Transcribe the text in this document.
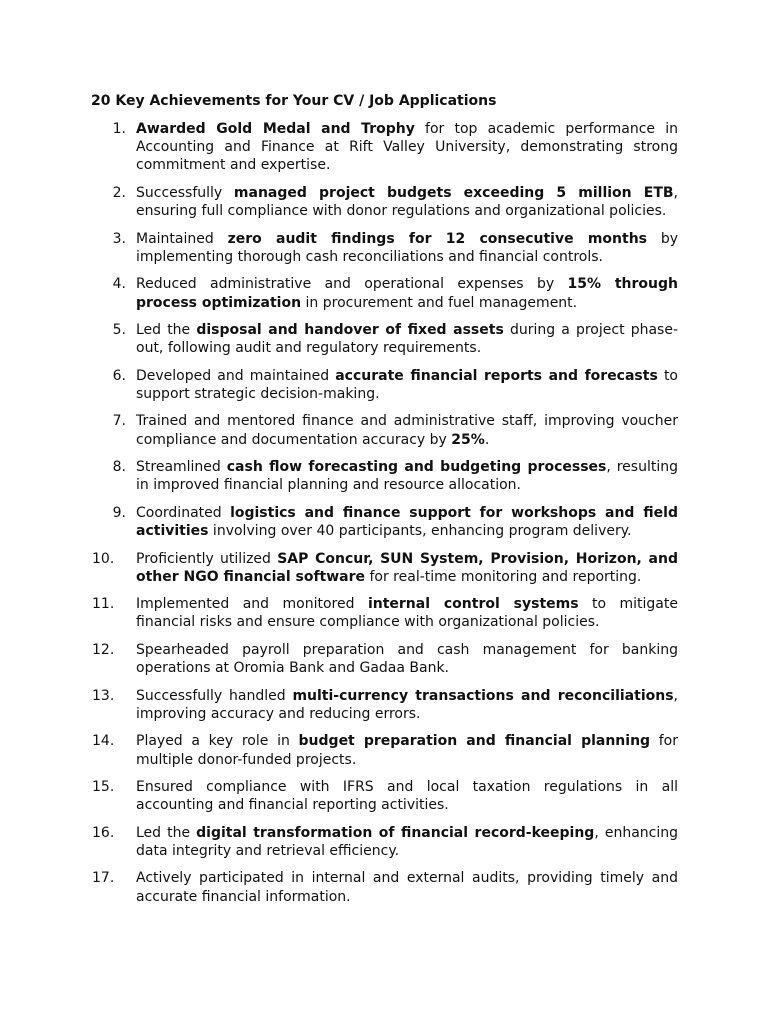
20 Key Achievements for Your CV / Job Applications
1. Awarded Gold Medal and Trophy for top academic performance in Accounting and Finance at Rift Valley University, demonstrating strong commitment and expertise.
2. Successfully managed project budgets exceeding 5 million ETB, ensuring full compliance with donor regulations and organizational policies.
3. Maintained zero audit findings for 12 consecutive months by implementing thorough cash reconciliations and financial controls.
4. Reduced administrative and operational expenses by 15% through process optimization in procurement and fuel management.
5. Led the disposal and handover of fixed assets during a project phase-out, following audit and regulatory requirements.
6. Developed and maintained accurate financial reports and forecasts to support strategic decision-making.
7. Trained and mentored finance and administrative staff, improving voucher compliance and documentation accuracy by 25%.
8. Streamlined cash flow forecasting and budgeting processes, resulting in improved financial planning and resource allocation.
9. Coordinated logistics and finance support for workshops and field activities involving over 40 participants, enhancing program delivery.
10.	Proficiently utilized SAP Concur, SUN System, Provision, Horizon, and other NGO financial software for real-time monitoring and reporting.
11.	Implemented and monitored internal control systems to mitigate financial risks and ensure compliance with organizational policies.
12.	Spearheaded payroll preparation and cash management for banking operations at Oromia Bank and Gadaa Bank.
13.	Successfully handled multi-currency transactions and reconciliations, improving accuracy and reducing errors.
14.	Played a key role in budget preparation and financial planning for multiple donor-funded projects.
15.	Ensured compliance with IFRS and local taxation regulations in all accounting and financial reporting activities.
16.	Led the digital transformation of financial record-keeping, enhancing data integrity and retrieval efficiency.
17.	Actively participated in internal and external audits, providing timely and accurate financial information.
